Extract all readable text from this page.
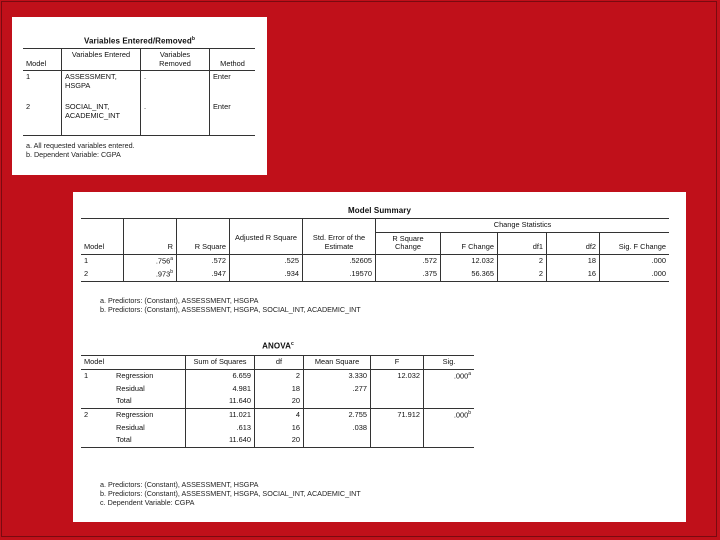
Variables Entered/Removed$^b$
Model	Variables Entered	Variables Removed	Method
1	ASSESSMENT, HSGPA	.	Enter
2	SOCIAL_INT, ACADEMIC_INT	.	Enter
a. All requested variables entered.
b. Dependent Variable: CGPA
Model Summary
					Change Statistics				
Model	R	R Square	Adjusted R Square	Std. Error of the Estimate	R Square Change	F Change	df1	df2	Sig. F Change
1	.756$^a$	.572	.525	.52605	.572	12.032	2	18	.000
2	.973$^b$	.947	.934	.19570	.375	56.365	2	16	.000
a. Predictors: (Constant), ASSESSMENT, HSGPA
b. Predictors: (Constant), ASSESSMENT, HSGPA, SOCIAL_INT, ACADEMIC_INT
ANOVA$^c$
Model		Sum of Squares	df	Mean Square	F	Sig.
1	Regression	6.659	2	3.330	12.032	.000$^a$
	Residual	4.981	18	.277		
	Total	11.640	20			
2	Regression	11.021	4	2.755	71.912	.000$^b$
	Residual	.613	16	.038		
	Total	11.640	20			
a. Predictors: (Constant), ASSESSMENT, HSGPA
b. Predictors: (Constant), ASSESSMENT, HSGPA, SOCIAL_INT, ACADEMIC_INT
c. Dependent Variable: CGPA
